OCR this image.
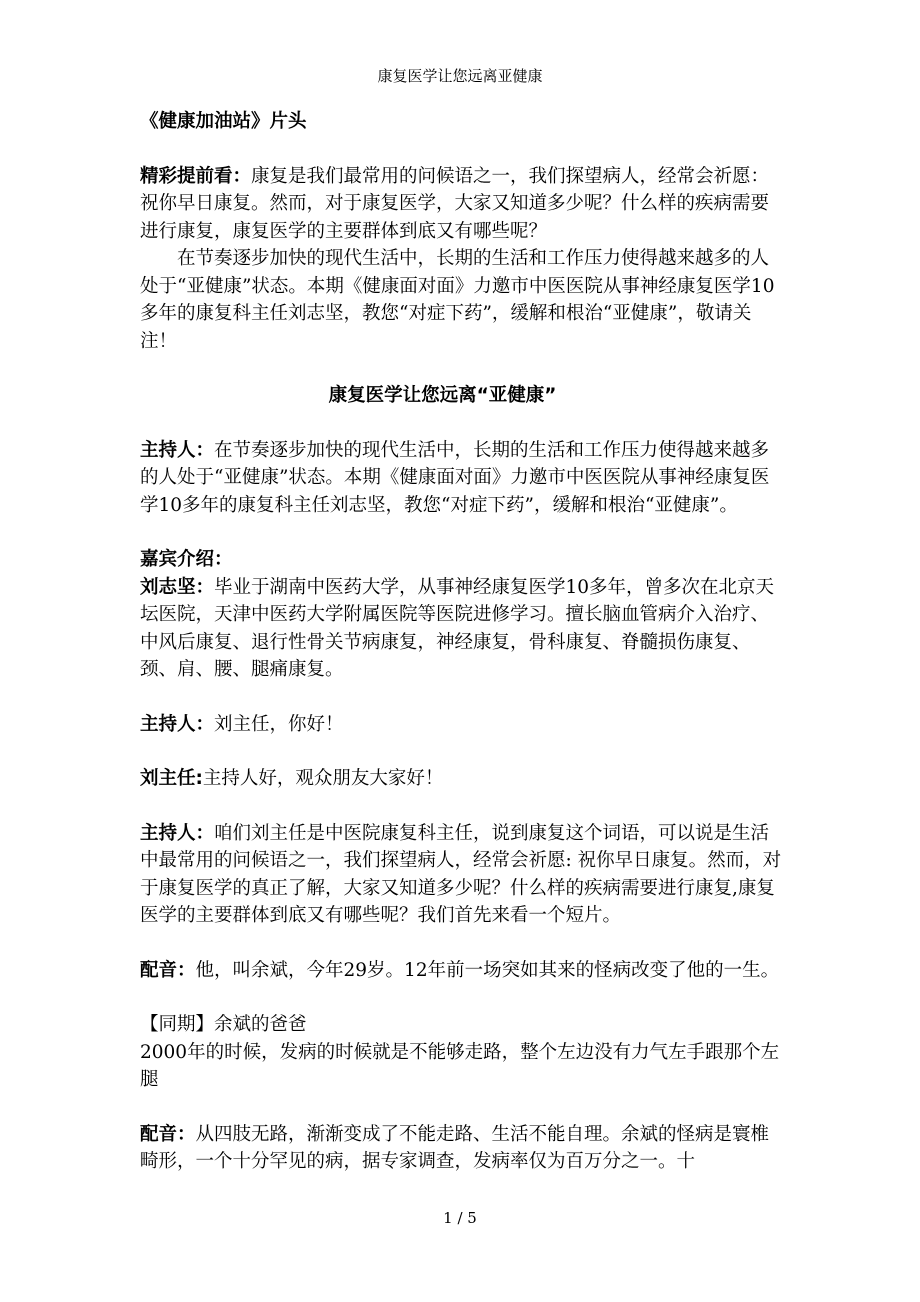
康复医学让您远离亚健康

《健康加油站》片头

精彩提前看：康复是我们最常用的问候语之一，我们探望病人，经常会祈愿：祝你早日康复。然而，对于康复医学，大家又知道多少呢？什么样的疾病需要进行康复，康复医学的主要群体到底又有哪些呢？

在节奏逐步加快的现代生活中，长期的生活和工作压力使得越来越多的人处于“亚健康”状态。本期《健康面对面》力邀市中医医院从事神经康复医学10多年的康复科主任刘志坚，教您“对症下药”，缓解和根治“亚健康”，敬请关注！

康复医学让您远离“亚健康”

主持人：在节奏逐步加快的现代生活中，长期的生活和工作压力使得越来越多的人处于“亚健康”状态。本期《健康面对面》力邀市中医医院从事神经康复医学10多年的康复科主任刘志坚，教您“对症下药”，缓解和根治“亚健康”。

嘉宾介绍：

刘志坚：毕业于湖南中医药大学，从事神经康复医学10多年，曾多次在北京天坛医院，天津中医药大学附属医院等医院进修学习。擅长脑血管病介入治疗、中风后康复、退行性骨关节病康复，神经康复，骨科康复、脊髓损伤康复、颈、肩、腰、腿痛康复。

主持人：刘主任，你好！

刘主任:主持人好，观众朋友大家好！

主持人：咱们刘主任是中医院康复科主任，说到康复这个词语，可以说是生活中最常用的问候语之一，我们探望病人，经常会祈愿: 祝你早日康复。然而，对于康复医学的真正了解，大家又知道多少呢？什么样的疾病需要进行康复,康复医学的主要群体到底又有哪些呢？我们首先来看一个短片。

配音：他，叫余斌，今年29岁。12年前一场突如其来的怪病改变了他的一生。

【同期】余斌的爸爸

2000年的时候，发病的时候就是不能够走路，整个左边没有力气左手跟那个左腿

配音：从四肢无路，渐渐变成了不能走路、生活不能自理。余斌的怪病是寰椎畸形，一个十分罕见的病，据专家调查，发病率仅为百万分之一。十

1 / 5
